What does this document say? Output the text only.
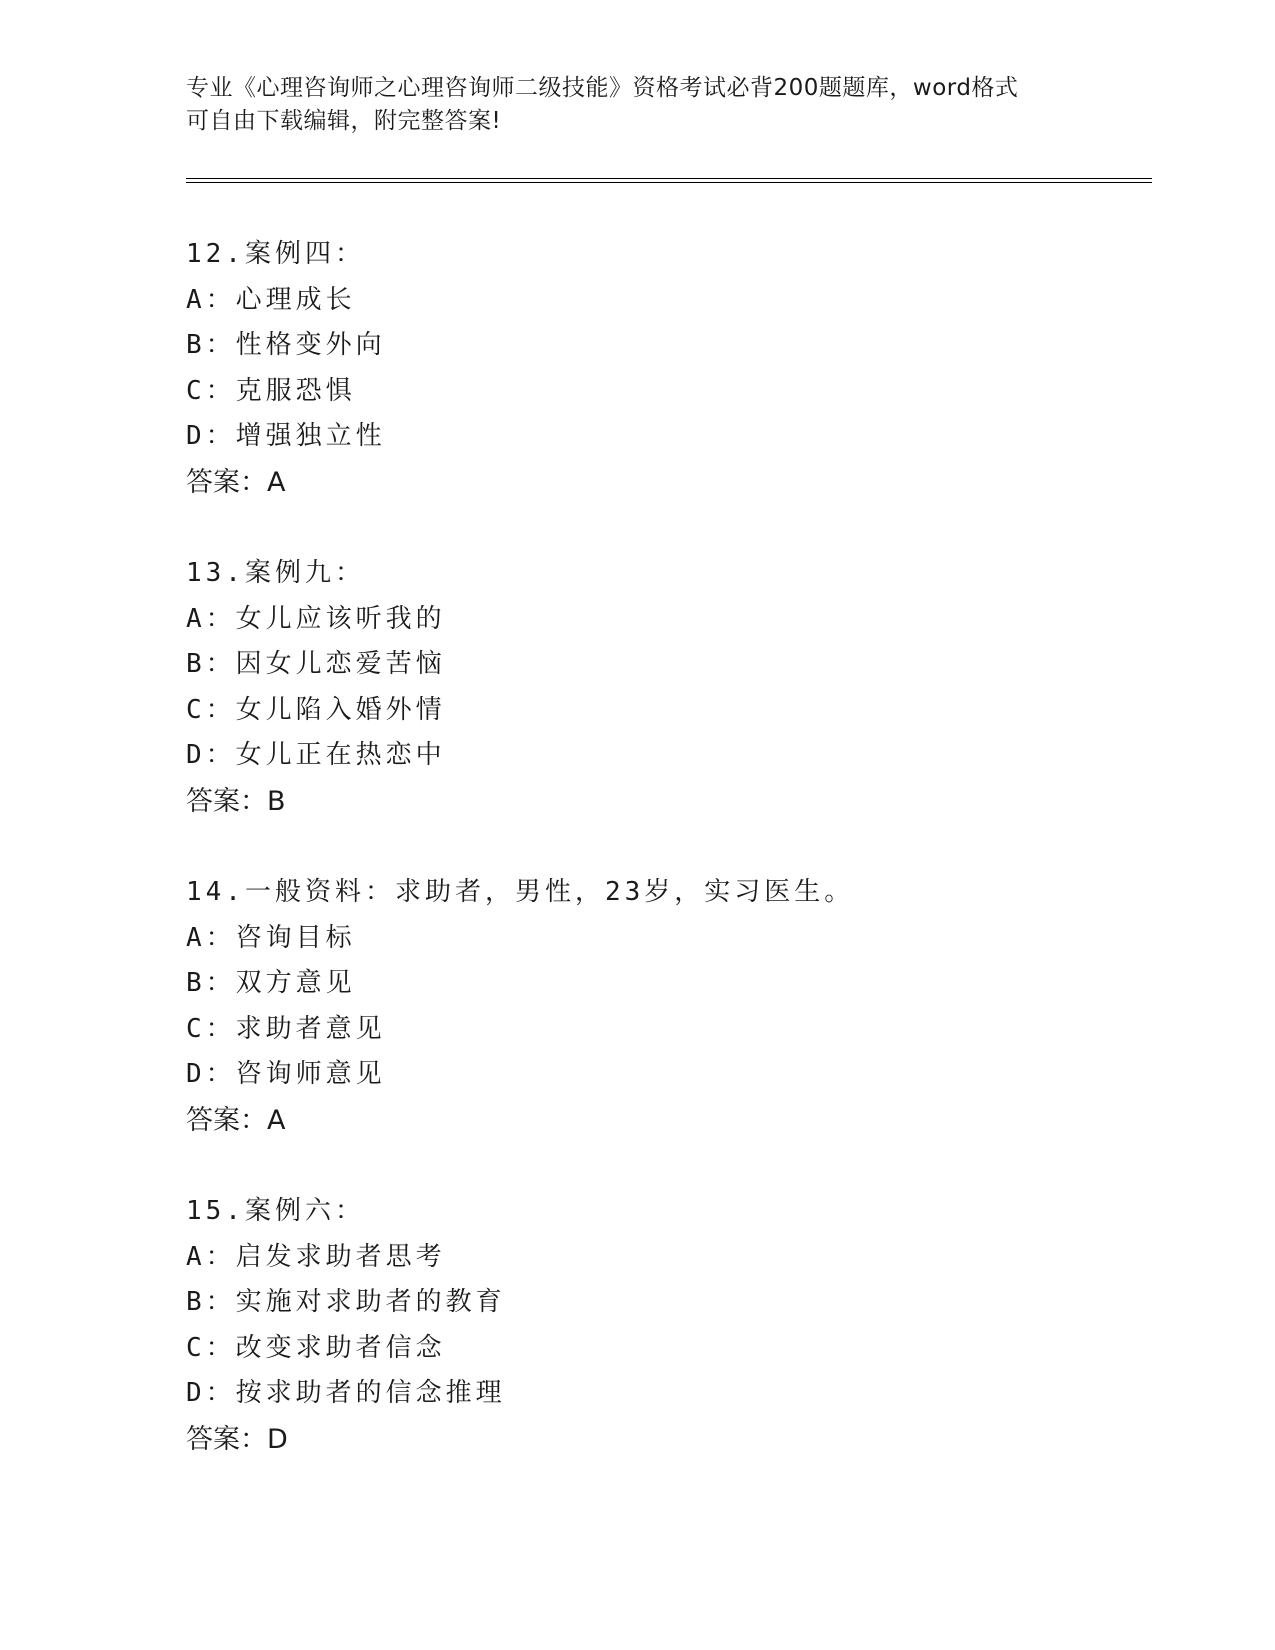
专业《心理咨询师之心理咨询师二级技能》资格考试必背200题题库，word格式
可自由下载编辑，附完整答案!
12.案例四：
A：心理成长
B：性格变外向
C：克服恐惧
D：增强独立性
答案：A
13.案例九：
A：女儿应该听我的
B：因女儿恋爱苦恼
C：女儿陷入婚外情
D：女儿正在热恋中
答案：B
14.一般资料：求助者，男性，23岁，实习医生。
A：咨询目标
B：双方意见
C：求助者意见
D：咨询师意见
答案：A
15.案例六：
A：启发求助者思考
B：实施对求助者的教育
C：改变求助者信念
D：按求助者的信念推理
答案：D
